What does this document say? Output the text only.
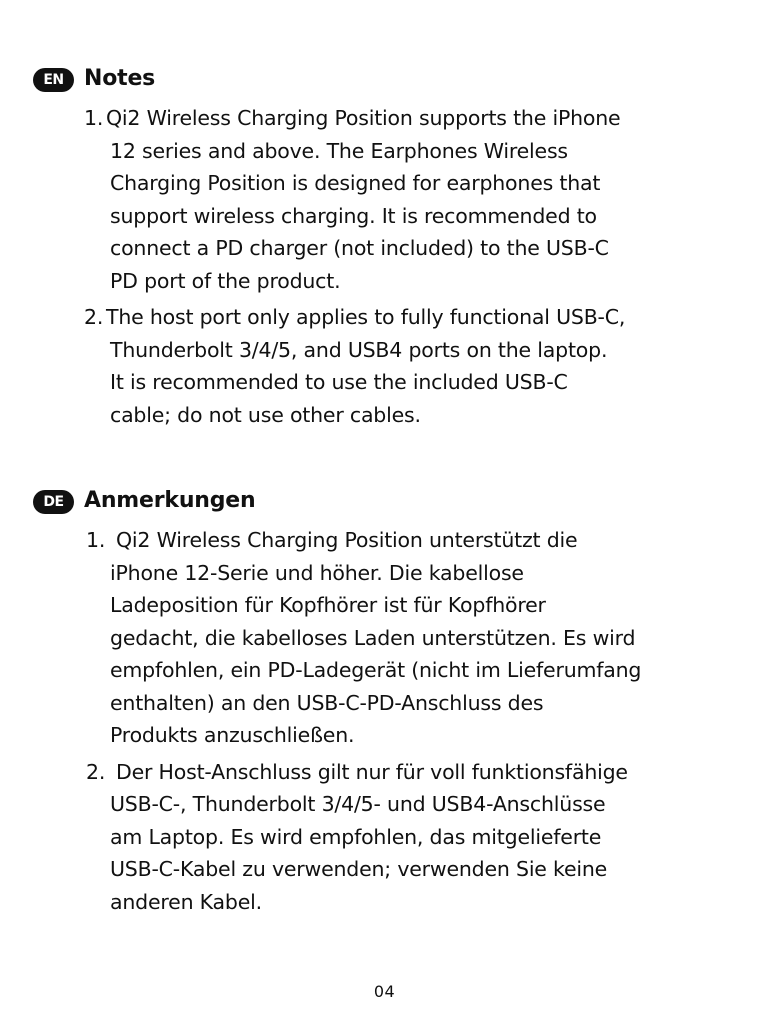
EN Notes
1. Qi2 Wireless Charging Position supports the iPhone
12 series and above. The Earphones Wireless
Charging Position is designed for earphones that
support wireless charging. It is recommended to
connect a PD charger (not included) to the USB-C
PD port of the product.
2. The host port only applies to fully functional USB-C,
Thunderbolt 3/4/5, and USB4 ports on the laptop.
It is recommended to use the included USB-C
cable; do not use other cables.
DE Anmerkungen
1. Qi2 Wireless Charging Position unterstützt die
iPhone 12-Serie und höher. Die kabellose
Ladeposition für Kopfhörer ist für Kopfhörer
gedacht, die kabelloses Laden unterstützen. Es wird
empfohlen, ein PD-Ladegerät (nicht im Lieferumfang
enthalten) an den USB-C-PD-Anschluss des
Produkts anzuschließen.
2. Der Host-Anschluss gilt nur für voll funktionsfähige
USB-C-, Thunderbolt 3/4/5- und USB4-Anschlüsse
am Laptop. Es wird empfohlen, das mitgelieferte
USB-C-Kabel zu verwenden; verwenden Sie keine
anderen Kabel.
04
